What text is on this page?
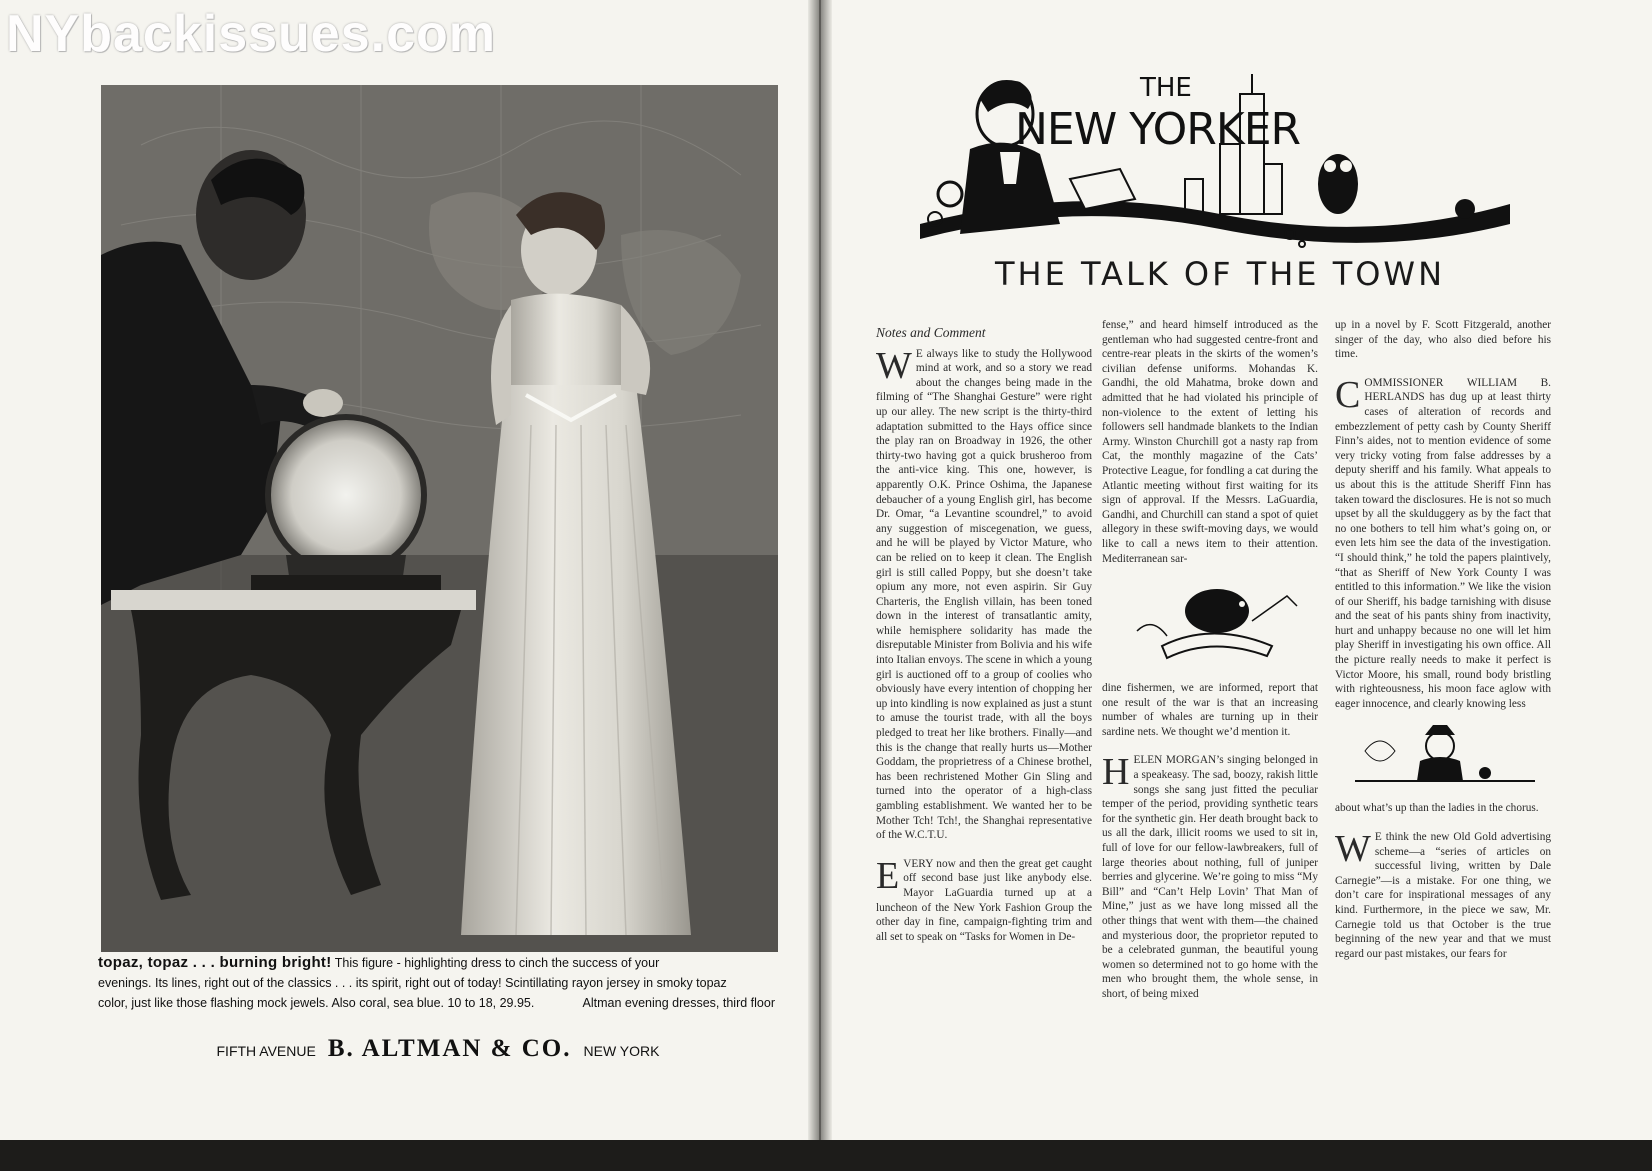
NYbackissues.com
topaz, topaz . . . burning bright! This figure - highlighting dress to cinch the success of your
evenings. Its lines, right out of the classics . . . its spirit, right out of today! Scintillating rayon jersey in smoky topaz
color, just like those flashing mock jewels. Also coral, sea blue. 10 to 18, 29.95.	Altman evening dresses, third floor
FIFTH AVENUE B. ALTMAN & CO. NEW YORK
THE
NEW YORKER
THE TALK OF THE TOWN

Notes and Comment

W E always like to study the Hollywood mind at work, and so a story we read about the changes being made in the filming of “The Shanghai Gesture” were right up our alley. The new script is the thirty-third adaptation submitted to the Hays office since the play ran on Broadway in 1926, the other thirty-two having got a quick brusheroo from the anti-vice king. This one, however, is apparently O.K. Prince Oshima, the Japanese debaucher of a young English girl, has become Dr. Omar, “a Levantine scoundrel,” to avoid any suggestion of miscegenation, we guess, and he will be played by Victor Mature, who can be relied on to keep it clean. The English girl is still called Poppy, but she doesn’t take opium any more, not even aspirin. Sir Guy Charteris, the English villain, has been toned down in the interest of transatlantic amity, while hemisphere solidarity has made the disreputable Minister from Bolivia and his wife into Italian envoys. The scene in which a young girl is auctioned off to a group of coolies who obviously have every intention of chopping her up into kindling is now explained as just a stunt to amuse the tourist trade, with all the boys pledged to treat her like brothers. Finally—and this is the change that really hurts us—Mother Goddam, the proprietress of a Chinese brothel, has been rechristened Mother Gin Sling and turned into the operator of a high-class gambling establishment. We wanted her to be Mother Tch! Tch!, the Shanghai representative of the W.C.T.U.

E VERY now and then the great get caught off second base just like anybody else. Mayor LaGuardia turned up at a luncheon of the New York Fashion Group the other day in fine, campaign-fighting trim and all set to speak on “Tasks for Women in De-

fense,” and heard himself introduced as the gentleman who had suggested centre-front and centre-rear pleats in the skirts of the women’s civilian defense uniforms. Mohandas K. Gandhi, the old Mahatma, broke down and admitted that he had violated his principle of non-violence to the extent of letting his followers sell handmade blankets to the Indian Army. Winston Churchill got a nasty rap from Cat, the monthly magazine of the Cats’ Protective League, for fondling a cat during the Atlantic meeting without first waiting for its sign of approval. If the Messrs. LaGuardia, Gandhi, and Churchill can stand a spot of quiet allegory in these swift-moving days, we would like to call a news item to their attention. Mediterranean sar-

dine fishermen, we are informed, report that one result of the war is that an increasing number of whales are turning up in their sardine nets. We thought we’d mention it.

H ELEN MORGAN’s singing belonged in a speakeasy. The sad, boozy, rakish little songs she sang just fitted the peculiar temper of the period, providing synthetic tears for the synthetic gin. Her death brought back to us all the dark, illicit rooms we used to sit in, full of love for our fellow-lawbreakers, full of large theories about nothing, full of juniper berries and glycerine. We’re going to miss “My Bill” and “Can’t Help Lovin’ That Man of Mine,” just as we have long missed all the other things that went with them—the chained and mysterious door, the proprietor reputed to be a celebrated gunman, the beautiful young women so determined not to go home with the men who brought them, the whole sense, in short, of being mixed

up in a novel by F. Scott Fitzgerald, another singer of the day, who also died before his time.

C OMMISSIONER WILLIAM B. HERLANDS has dug up at least thirty cases of alteration of records and embezzlement of petty cash by County Sheriff Finn’s aides, not to mention evidence of some very tricky voting from false addresses by a deputy sheriff and his family. What appeals to us about this is the attitude Sheriff Finn has taken toward the disclosures. He is not so much upset by all the skulduggery as by the fact that no one bothers to tell him what’s going on, or even lets him see the data of the investigation. “I should think,” he told the papers plaintively, “that as Sheriff of New York County I was entitled to this information.” We like the vision of our Sheriff, his badge tarnishing with disuse and the seat of his pants shiny from inactivity, hurt and unhappy because no one will let him play Sheriff in investigating his own office. All the picture really needs to make it perfect is Victor Moore, his small, round body bristling with righteousness, his moon face aglow with eager innocence, and clearly knowing less

about what’s up than the ladies in the chorus.

W E think the new Old Gold advertising scheme—a “series of articles on successful living, written by Dale Carnegie”—is a mistake. For one thing, we don’t care for inspirational messages of any kind. Furthermore, in the piece we saw, Mr. Carnegie told us that October is the true beginning of the new year and that we must regard our past mistakes, our fears for
